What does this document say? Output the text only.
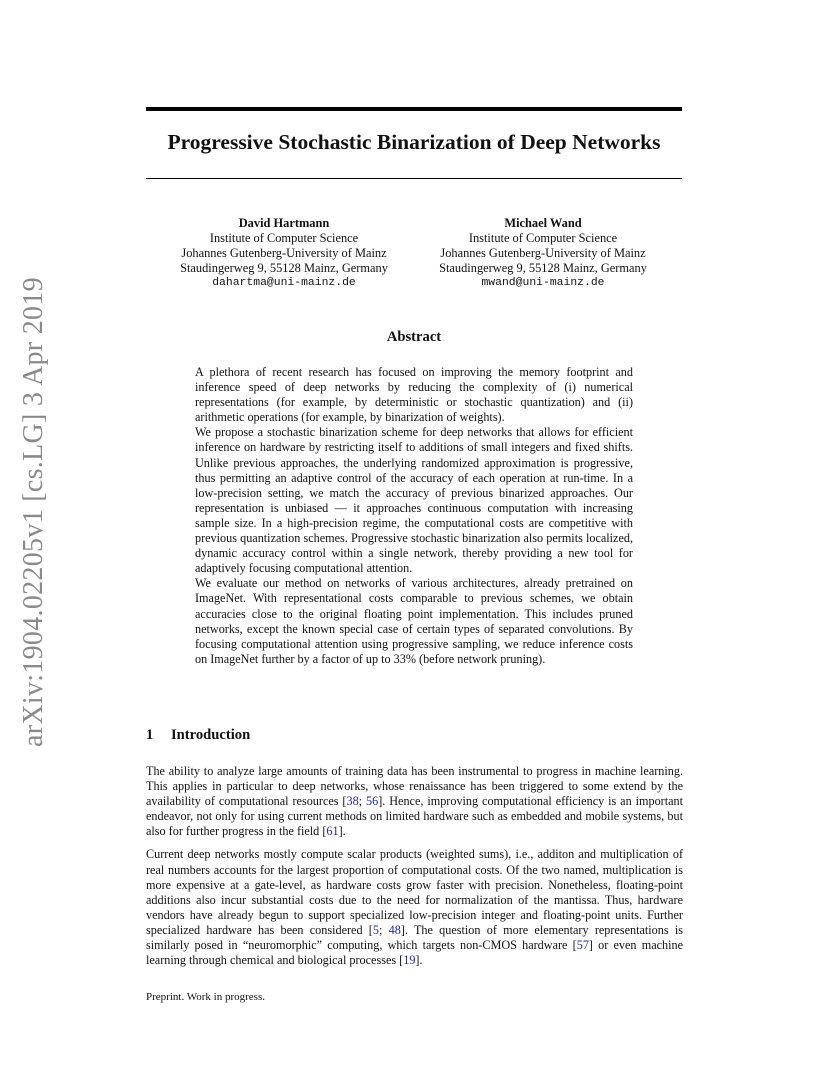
arXiv:1904.02205v1 [cs.LG] 3 Apr 2019
Progressive Stochastic Binarization of Deep Networks
David Hartmann
Institute of Computer Science
Johannes Gutenberg-University of Mainz
Staudingerweg 9, 55128 Mainz, Germany
dahartma@uni-mainz.de
Michael Wand
Institute of Computer Science
Johannes Gutenberg-University of Mainz
Staudingerweg 9, 55128 Mainz, Germany
mwand@uni-mainz.de
Abstract

A plethora of recent research has focused on improving the memory footprint and inference speed of deep networks by reducing the complexity of (i) numerical representations (for example, by deterministic or stochastic quantization) and (ii) arithmetic operations (for example, by binarization of weights).

We propose a stochastic binarization scheme for deep networks that allows for efficient inference on hardware by restricting itself to additions of small integers and fixed shifts. Unlike previous approaches, the underlying randomized approximation is progressive, thus permitting an adaptive control of the accuracy of each operation at run-time. In a low-precision setting, we match the accuracy of previous binarized approaches. Our representation is unbiased — it approaches continuous computation with increasing sample size. In a high-precision regime, the computational costs are competitive with previous quantization schemes. Progressive stochastic binarization also permits localized, dynamic accuracy control within a single network, thereby providing a new tool for adaptively focusing computational attention.

We evaluate our method on networks of various architectures, already pretrained on ImageNet. With representational costs comparable to previous schemes, we obtain accuracies close to the original floating point implementation. This includes pruned networks, except the known special case of certain types of separated convolutions. By focusing computational attention using progressive sampling, we reduce inference costs on ImageNet further by a factor of up to 33% (before network pruning).

1 Introduction

The ability to analyze large amounts of training data has been instrumental to progress in machine learning. This applies in particular to deep networks, whose renaissance has been triggered to some extend by the availability of computational resources [38; 56]. Hence, improving computational efficiency is an important endeavor, not only for using current methods on limited hardware such as embedded and mobile systems, but also for further progress in the field [61].

Current deep networks mostly compute scalar products (weighted sums), i.e., additon and multiplication of real numbers accounts for the largest proportion of computational costs. Of the two named, multiplication is more expensive at a gate-level, as hardware costs grow faster with precision. Nonetheless, floating-point additions also incur substantial costs due to the need for normalization of the mantissa. Thus, hardware vendors have already begun to support specialized low-precision integer and floating-point units. Further specialized hardware has been considered [5; 48]. The question of more elementary representations is similarly posed in “neuromorphic” computing, which targets non-CMOS hardware [57] or even machine learning through chemical and biological processes [19].

Preprint. Work in progress.
